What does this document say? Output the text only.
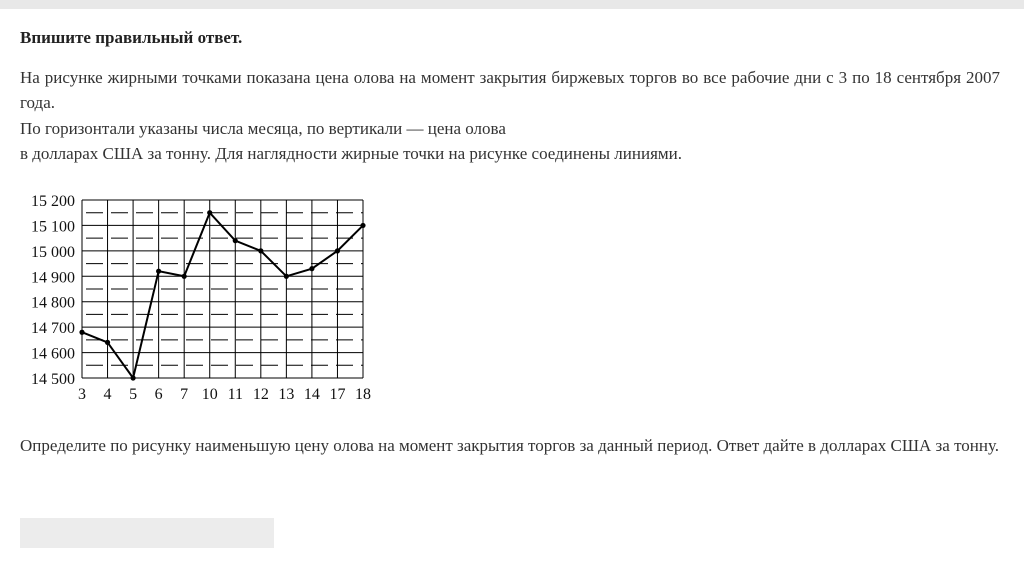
Впишите правильный ответ.
На рисунке жирными точками показана цена олова на момент закрытия биржевых торгов во все рабочие дни с 3 по 18 сентября 2007 года.
По горизонтали указаны числа месяца, по вертикали — цена олова
в долларах США за тонну. Для наглядности жирные точки на рисунке соединены линиями.
15 200
15 100
15 000
14 900
14 800
14 700
14 600
14 500
3 4 5 6 7 10 11 12 13 14 17 18
Определите по рисунку наименьшую цену олова на момент закрытия торгов за данный период. Ответ дайте в долларах США за тонну.
